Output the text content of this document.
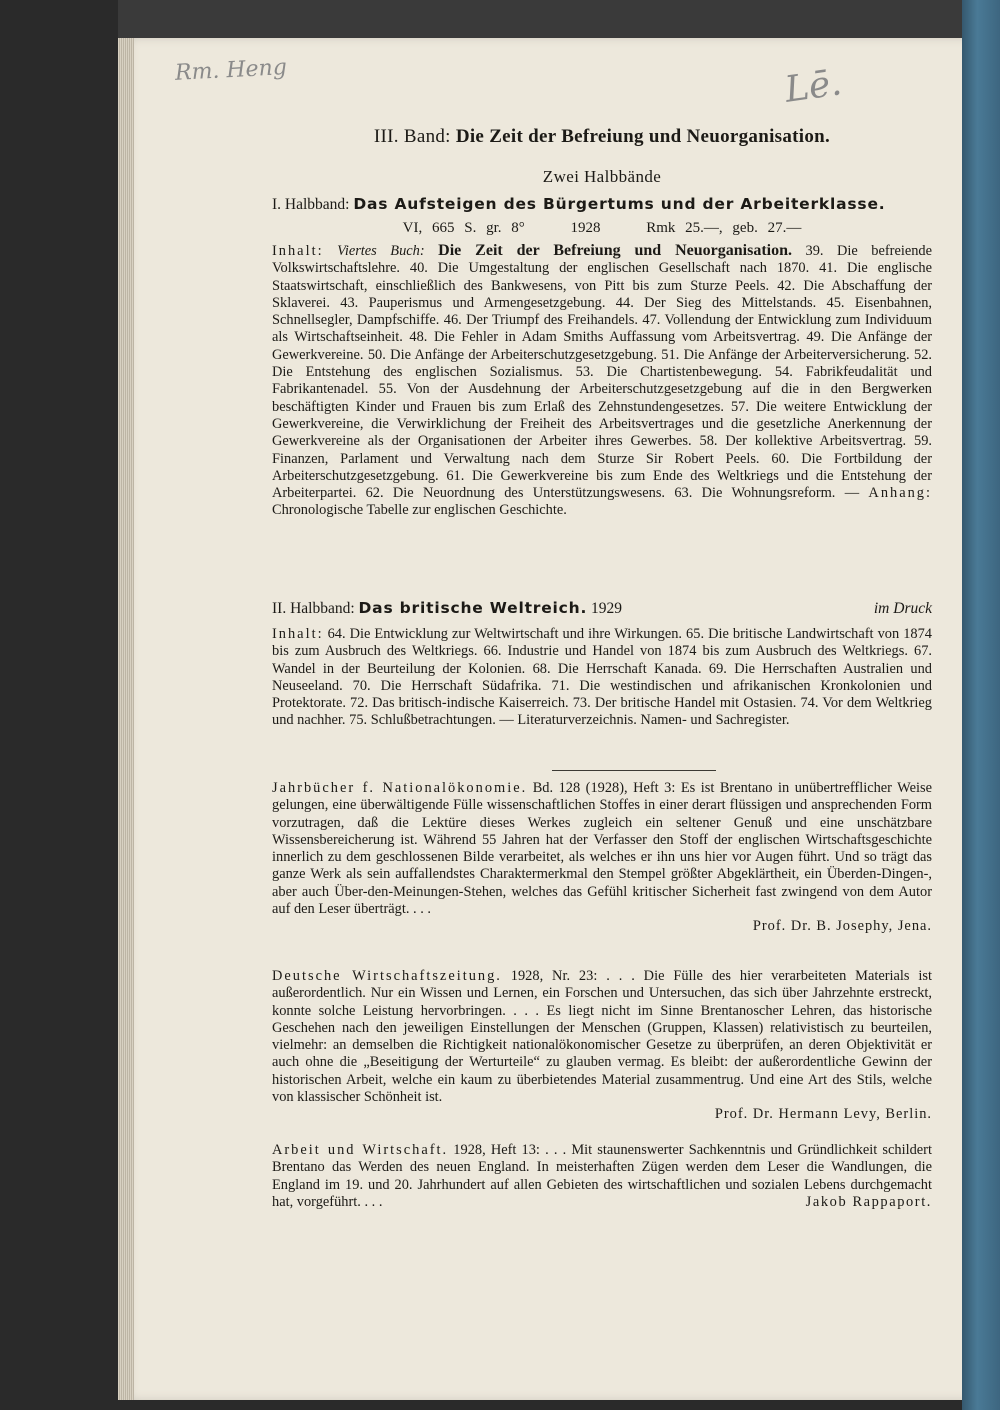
Rm. Heng	Lē.
III. Band: Die Zeit der Befreiung und Neuorganisation.
Zwei Halbbände
I. Halbband: Das Aufsteigen des Bürgertums und der Arbeiterklasse.
VI, 665 S. gr. 8°	1928	Rmk 25.—, geb. 27.—
Inhalt: Viertes Buch: Die Zeit der Befreiung und Neuorganisation. 39. Die befreiende Volkswirtschaftslehre. 40. Die Umgestaltung der englischen Gesellschaft nach 1870. 41. Die englische Staatswirtschaft, einschließlich des Bankwesens, von Pitt bis zum Sturze Peels. 42. Die Abschaffung der Sklaverei. 43. Pauperismus und Armengesetzgebung. 44. Der Sieg des Mittelstands. 45. Eisenbahnen, Schnellsegler, Dampfschiffe. 46. Der Triumpf des Freihandels. 47. Vollendung der Entwicklung zum Individuum als Wirtschaftseinheit. 48. Die Fehler in Adam Smiths Auffassung vom Arbeitsvertrag. 49. Die Anfänge der Gewerkvereine. 50. Die Anfänge der Arbeiterschutzgesetzgebung. 51. Die Anfänge der Arbeiterversicherung. 52. Die Entstehung des englischen Sozialismus. 53. Die Chartistenbewegung. 54. Fabrikfeudalität und Fabrikantenadel. 55. Von der Ausdehnung der Arbeiterschutzgesetzgebung auf die in den Bergwerken beschäftigten Kinder und Frauen bis zum Erlaß des Zehnstundengesetzes. 57. Die weitere Entwicklung der Gewerkvereine, die Verwirklichung der Freiheit des Arbeitsvertrages und die gesetzliche Anerkennung der Gewerkvereine als der Organisationen der Arbeiter ihres Gewerbes. 58. Der kollektive Arbeitsvertrag. 59. Finanzen, Parlament und Verwaltung nach dem Sturze Sir Robert Peels. 60. Die Fortbildung der Arbeiterschutzgesetzgebung. 61. Die Gewerkvereine bis zum Ende des Weltkriegs und die Entstehung der Arbeiterpartei. 62. Die Neuordnung des Unterstützungswesens. 63. Die Wohnungsreform. — Anhang: Chronologische Tabelle zur englischen Geschichte.
II. Halbband: Das britische Weltreich. 1929	im Druck
Inhalt: 64. Die Entwicklung zur Weltwirtschaft und ihre Wirkungen. 65. Die britische Landwirtschaft von 1874 bis zum Ausbruch des Weltkriegs. 66. Industrie und Handel von 1874 bis zum Ausbruch des Weltkriegs. 67. Wandel in der Beurteilung der Kolonien. 68. Die Herrschaft Kanada. 69. Die Herrschaften Australien und Neuseeland. 70. Die Herrschaft Südafrika. 71. Die westindischen und afrikanischen Kronkolonien und Protektorate. 72. Das britisch-indische Kaiserreich. 73. Der britische Handel mit Ostasien. 74. Vor dem Weltkrieg und nachher. 75. Schlußbetrachtungen. — Literaturverzeichnis. Namen- und Sachregister.
Jahrbücher f. Nationalökonomie. Bd. 128 (1928), Heft 3: Es ist Brentano in unübertrefflicher Weise gelungen, eine überwältigende Fülle wissenschaftlichen Stoffes in einer derart flüssigen und ansprechenden Form vorzutragen, daß die Lektüre dieses Werkes zugleich ein seltener Genuß und eine unschätzbare Wissensbereicherung ist. Während 55 Jahren hat der Verfasser den Stoff der englischen Wirtschaftsgeschichte innerlich zu dem geschlossenen Bilde verarbeitet, als welches er ihn uns hier vor Augen führt. Und so trägt das ganze Werk als sein auffallendstes Charaktermerkmal den Stempel größter Abgeklärtheit, ein Überden-Dingen-, aber auch Über-den-Meinungen-Stehen, welches das Gefühl kritischer Sicherheit fast zwingend von dem Autor auf den Leser überträgt. . . .
Prof. Dr. B. Josephy, Jena.
Deutsche Wirtschaftszeitung. 1928, Nr. 23: . . . Die Fülle des hier verarbeiteten Materials ist außerordentlich. Nur ein Wissen und Lernen, ein Forschen und Untersuchen, das sich über Jahrzehnte erstreckt, konnte solche Leistung hervorbringen. . . . Es liegt nicht im Sinne Brentanoscher Lehren, das historische Geschehen nach den jeweiligen Einstellungen der Menschen (Gruppen, Klassen) relativistisch zu beurteilen, vielmehr: an demselben die Richtigkeit nationalökonomischer Gesetze zu überprüfen, an deren Objektivität er auch ohne die „Beseitigung der Werturteile“ zu glauben vermag. Es bleibt: der außerordentliche Gewinn der historischen Arbeit, welche ein kaum zu überbietendes Material zusammentrug. Und eine Art des Stils, welche von klassischer Schönheit ist.
Prof. Dr. Hermann Levy, Berlin.
Arbeit und Wirtschaft. 1928, Heft 13: . . . Mit staunenswerter Sachkenntnis und Gründlichkeit schildert Brentano das Werden des neuen England. In meisterhaften Zügen werden dem Leser die Wandlungen, die England im 19. und 20. Jahrhundert auf allen Gebieten des wirtschaftlichen und sozialen Lebens durchgemacht hat, vorgeführt. . . .	Jakob Rappaport.
